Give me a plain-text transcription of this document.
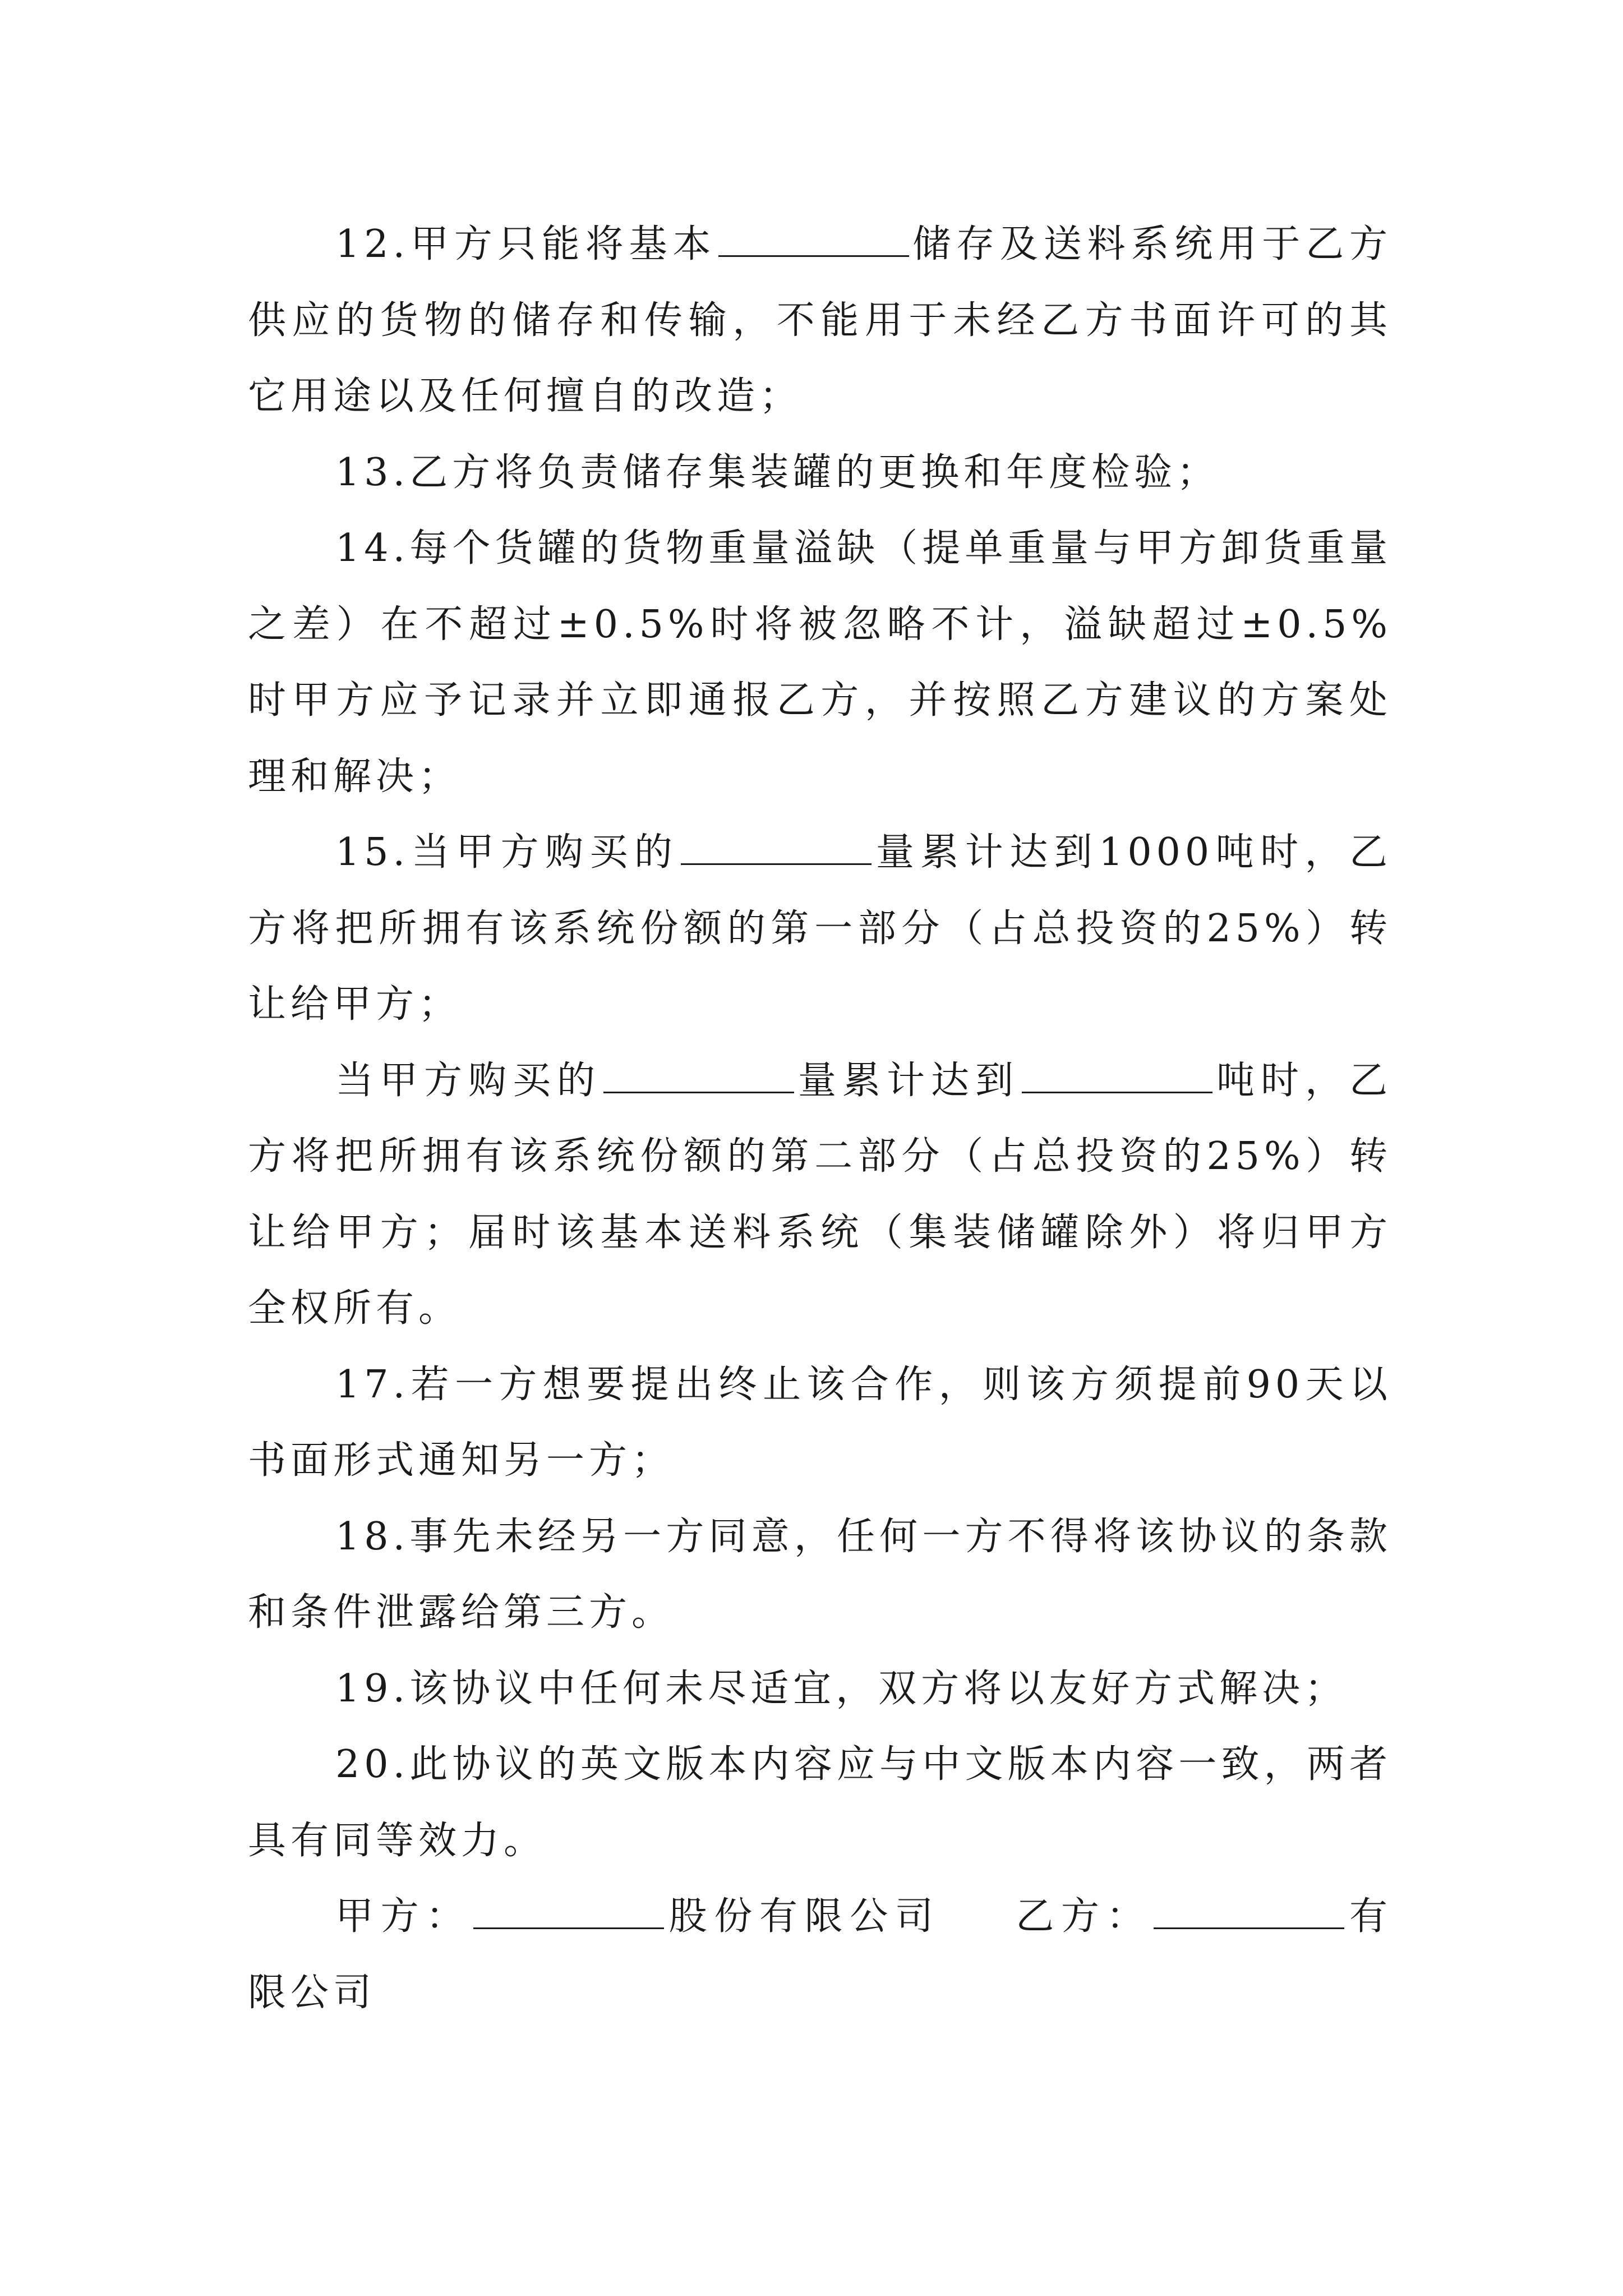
12.甲方只能将基本	储存及送料系统用于乙方供应的货物的储存和传输，不能用于未经乙方书面许可的其它用途以及任何擅自的改造；

13.乙方将负责储存集装罐的更换和年度检验；

14.每个货罐的货物重量溢缺（提单重量与甲方卸货重量之差）在不超过±0.5%时将被忽略不计，溢缺超过±0.5%时甲方应予记录并立即通报乙方，并按照乙方建议的方案处理和解决；

15.当甲方购买的	量累计达到1000吨时，乙方将把所拥有该系统份额的第一部分（占总投资的25%）转让给甲方；

当甲方购买的	量累计达到	吨时，乙方将把所拥有该系统份额的第二部分（占总投资的25%）转让给甲方；届时该基本送料系统（集装储罐除外）将归甲方全权所有。

17.若一方想要提出终止该合作，则该方须提前90天以书面形式通知另一方；

18.事先未经另一方同意，任何一方不得将该协议的条款和条件泄露给第三方。

19.该协议中任何未尽适宜，双方将以友好方式解决；

20.此协议的英文版本内容应与中文版本内容一致，两者具有同等效力。

甲方：	股份有限公司 乙方：	有限公司
